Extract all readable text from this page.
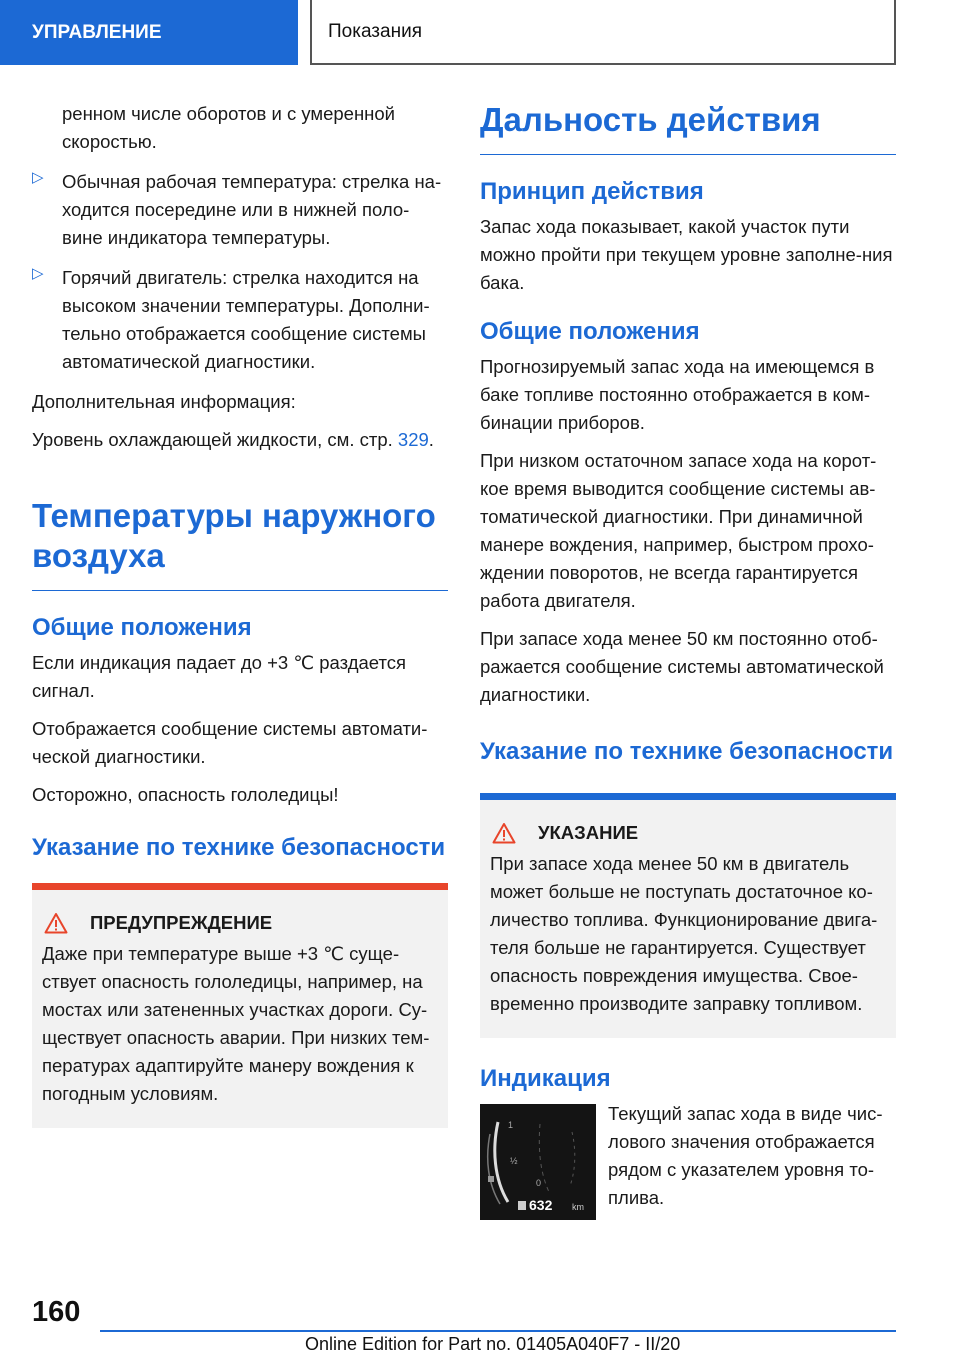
УПРАВЛЕНИЕ	Показания

ренном числе оборотов и с умеренной скоростью.

▷ Обычная рабочая температура: стрелка на-ходится посередине или в нижней поло-вине индикатора температуры.

▷ Горячий двигатель: стрелка находится на высоком значении температуры. Дополни-тельно отображается сообщение системы автоматической диагностики.

Дополнительная информация:

Уровень охлаждающей жидкости, см. стр. 329.

Температуры наружного воздуха
Общие положения

Если индикация падает до +3 ℃ раздается сигнал.

Отображается сообщение системы автомати-ческой диагностики.

Осторожно, опасность гололедицы!

Указание по технике безопасности
ПРЕДУПРЕЖДЕНИЕ

Даже при температуре выше +3 ℃ суще-ствует опасность гололедицы, например, на мостах или затененных участках дороги. Су-ществует опасность аварии. При низких тем-пературах адаптируйте манеру вождения к погодным условиям.

Дальность действия
Принцип действия

Запас хода показывает, какой участок пути можно пройти при текущем уровне заполне-ния бака.

Общие положения

Прогнозируемый запас хода на имеющемся в баке топливе постоянно отображается в ком-бинации приборов.

При низком остаточном запасе хода на корот-кое время выводится сообщение системы ав-томатической диагностики. При динамичной манере вождения, например, быстром прохо-ждении поворотов, не всегда гарантируется работа двигателя.

При запасе хода менее 50 км постоянно отоб-ражается сообщение системы автоматической диагностики.

Указание по технике безопасности
УКАЗАНИЕ

При запасе хода менее 50 км в двигатель может больше не поступать достаточное ко-личество топлива. Функционирование двига-теля больше не гарантируется. Существует опасность повреждения имущества. Свое-временно производите заправку топливом.

Индикация
1
½
0
632 km

Текущий запас хода в виде чис-лового значения отображается рядом с указателем уровня то-плива.

160
Online Edition for Part no. 01405A040F7 - II/20
